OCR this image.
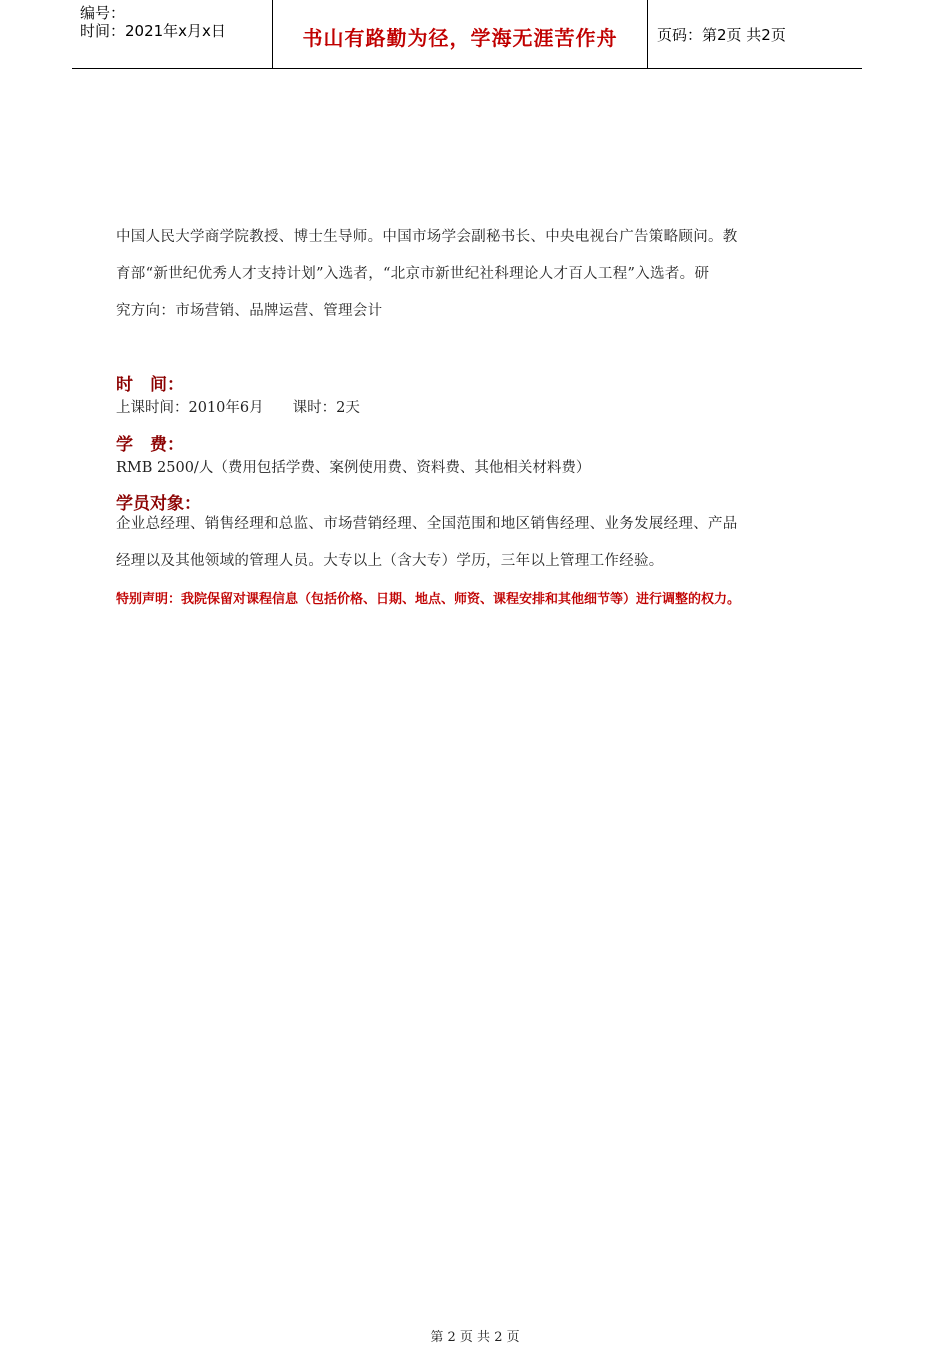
编号：
时间：2021年x月x日	书山有路勤为径，学海无涯苦作舟	页码：第2页 共2页
中国人民大学商学院教授、博士生导师。中国市场学会副秘书长、中央电视台广告策略顾问。教
育部“新世纪优秀人才支持计划”入选者，“北京市新世纪社科理论人才百人工程”入选者。研
究方向：市场营销、品牌运营、管理会计
时　间：
上课时间：2010年6月　　课时：2天
学　费：
RMB 2500/人（费用包括学费、案例使用费、资料费、其他相关材料费）
学员对象：
企业总经理、销售经理和总监、市场营销经理、全国范围和地区销售经理、业务发展经理、产品
经理以及其他领域的管理人员。大专以上（含大专）学历，三年以上管理工作经验。
特别声明：我院保留对课程信息（包括价格、日期、地点、师资、课程安排和其他细节等）进行调整的权力。
第 2 页 共 2 页
